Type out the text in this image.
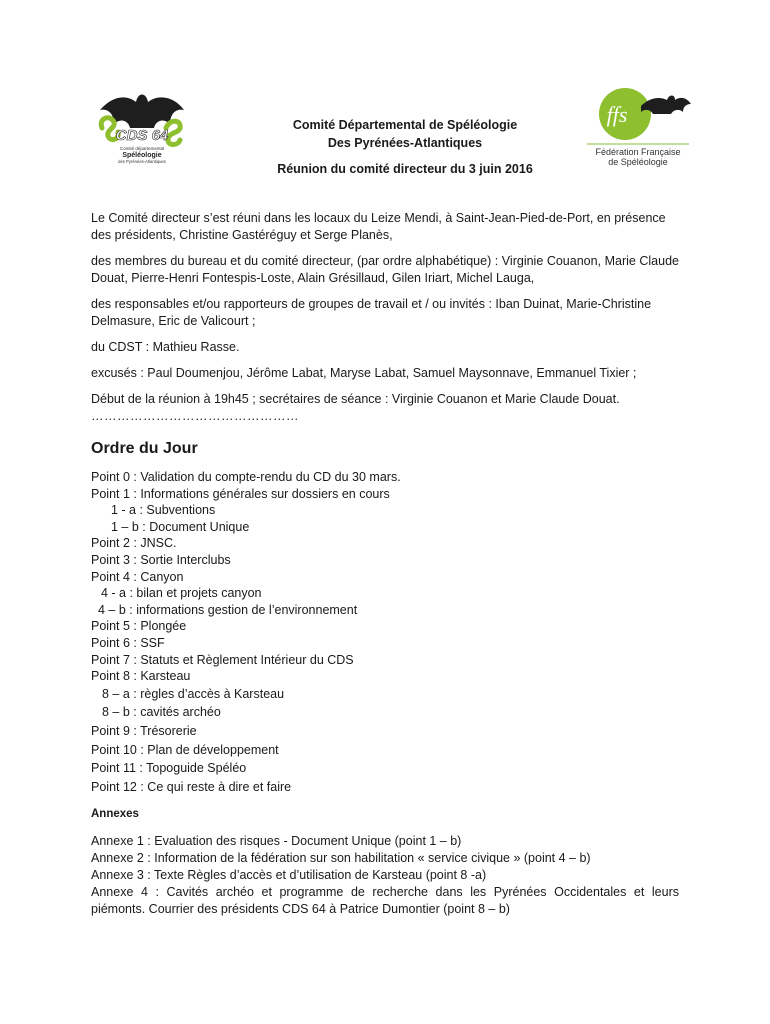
CDS 64
Comité départemental
Spéléologie
des Pyrénées-Atlantiques
ffs
Fédération Française
de Spéléologie
Comité Départemental de Spéléologie
Des Pyrénées-Atlantiques
Réunion du comité directeur du 3 juin 2016

Le Comité directeur s’est réuni dans les locaux du Leize Mendi, à Saint-Jean-Pied-de-Port, en présence des présidents, Christine Gastéréguy et Serge Planès,

des membres du bureau et du comité directeur, (par ordre alphabétique) : Virginie Couanon, Marie Claude Douat, Pierre-Henri Fontespis-Loste, Alain Grésillaud, Gilen Iriart, Michel Lauga,

des responsables et/ou rapporteurs de groupes de travail et / ou invités : Iban Duinat, Marie-Christine Delmasure, Eric de Valicourt ;

du CDST : Mathieu Rasse.

excusés : Paul Doumenjou, Jérôme Labat, Maryse Labat, Samuel Maysonnave, Emmanuel Tixier ;

Début de la réunion à 19h45 ; secrétaires de séance : Virginie Couanon et Marie Claude Douat.

…………………………………………

Ordre du Jour
Point 0 : Validation du compte-rendu du CD du 30 mars.
Point 1 : Informations générales sur dossiers en cours
1 - a : Subventions
1 – b : Document Unique
Point 2 : JNSC.
Point 3 : Sortie Interclubs
Point 4 : Canyon
4 - a : bilan et projets canyon
4 – b : informations gestion de l’environnement
Point 5 : Plongée
Point 6 : SSF
Point 7 : Statuts et Règlement Intérieur du CDS
Point 8 : Karsteau
8 – a : règles d’accès à Karsteau
8 – b : cavités archéo
Point 9 : Trésorerie
Point 10 : Plan de développement
Point 11 : Topoguide Spéléo
Point 12 : Ce qui reste à dire et faire
Annexes
Annexe 1 : Evaluation des risques - Document Unique (point 1 – b)
Annexe 2 : Information de la fédération sur son habilitation « service civique » (point 4 – b)
Annexe 3 : Texte Règles d’accès et d’utilisation de Karsteau (point 8 -a)
Annexe 4 : Cavités archéo et programme de recherche dans les Pyrénées Occidentales et leurs piémonts. Courrier des présidents CDS 64 à Patrice Dumontier (point 8 – b)
